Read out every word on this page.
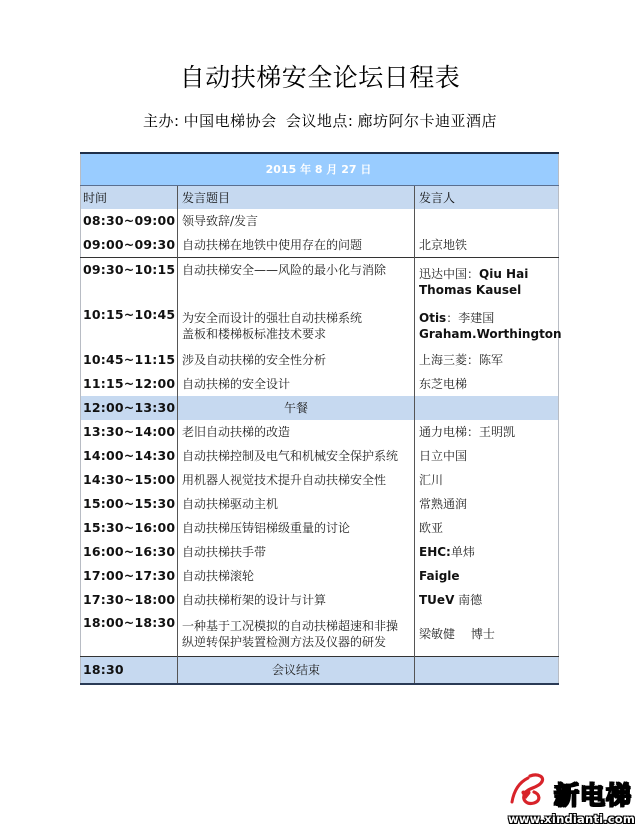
自动扶梯安全论坛日程表
主办: 中国电梯协会 会议地点: 廊坊阿尔卡迪亚酒店
2015 年 8 月 27 日		
时间	发言题目	发言人
08:30~09:00	领导致辞/发言	
09:00~09:30	自动扶梯在地铁中使用存在的问题	北京地铁
09:30~10:15	自动扶梯安全——风险的最小化与消除	迅达中国：Qiu Hai
Thomas Kausel
10:15~10:45	为安全而设计的强壮自动扶梯系统
盖板和楼梯板标准技术要求	Otis：李建国
Graham.Worthington
10:45~11:15	涉及自动扶梯的安全性分析	上海三菱：陈军
11:15~12:00	自动扶梯的安全设计	东芝电梯
12:00~13:30	午餐	
13:30~14:00	老旧自动扶梯的改造	通力电梯：王明凯
14:00~14:30	自动扶梯控制及电气和机械安全保护系统	日立中国
14:30~15:00	用机器人视觉技术提升自动扶梯安全性	汇川
15:00~15:30	自动扶梯驱动主机	常熟通润
15:30~16:00	自动扶梯压铸铝梯级重量的讨论	欧亚
16:00~16:30	自动扶梯扶手带	EHC:单炜
17:00~17:30	自动扶梯滚轮	Faigle
17:30~18:00	自动扶梯桁架的设计与计算	TUeV 南德
18:00~18:30	一种基于工况模拟的自动扶梯超速和非操
纵逆转保护装置检测方法及仪器的研发	梁敏健　 博士
18:30	会议结束	
新电梯
www.xindianti.com
